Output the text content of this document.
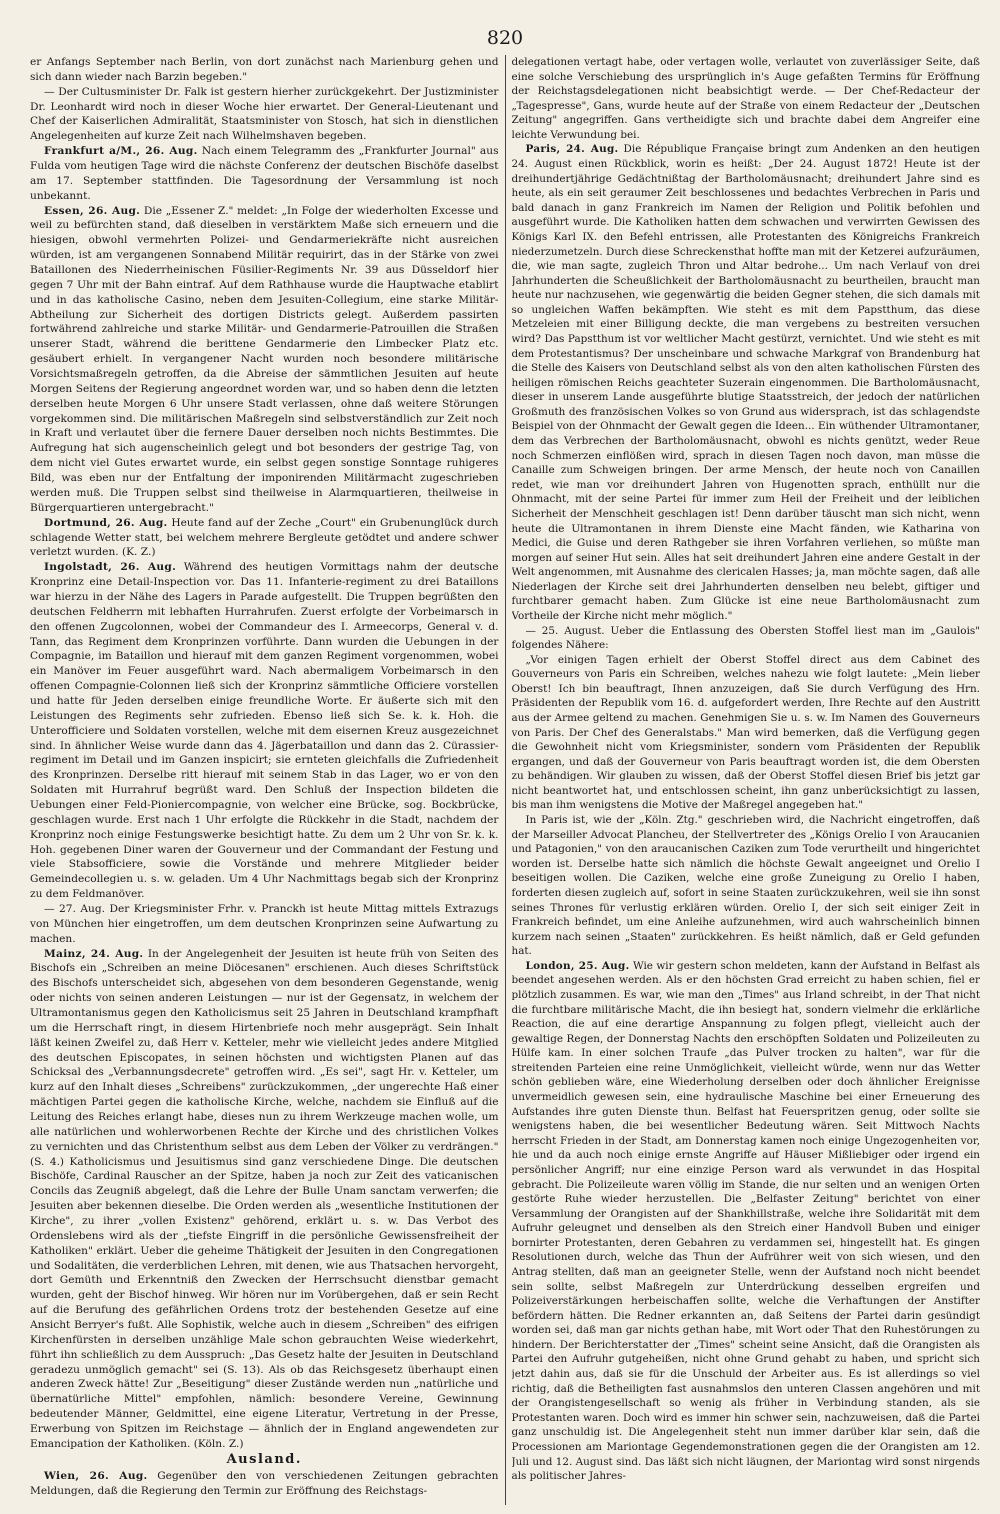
820

er Anfangs September nach Berlin, von dort zunächst nach Marienburg gehen und sich dann wieder nach Barzin begeben."

— Der Cultusminister Dr. Falk ist gestern hierher zurückgekehrt. Der Justizminister Dr. Leonhardt wird noch in dieser Woche hier erwartet. Der General-Lieutenant und Chef der Kaiserlichen Admiralität, Staatsminister von Stosch, hat sich in dienstlichen Angelegenheiten auf kurze Zeit nach Wilhelmshaven begeben.

Frankfurt a/M., 26. Aug. Nach einem Telegramm des „Frankfurter Journal" aus Fulda vom heutigen Tage wird die nächste Conferenz der deutschen Bischöfe daselbst am 17. September stattfinden. Die Tagesordnung der Versammlung ist noch unbekannt.

Essen, 26. Aug. Die „Essener Z." meldet: „In Folge der wiederholten Excesse und weil zu befürchten stand, daß dieselben in verstärktem Maße sich erneuern und die hiesigen, obwohl vermehrten Polizei- und Gendarmeriekräfte nicht ausreichen würden, ist am vergangenen Sonnabend Militär requirirt, das in der Stärke von zwei Bataillonen des Niederrheinischen Füsilier-Regiments Nr. 39 aus Düsseldorf hier gegen 7 Uhr mit der Bahn eintraf. Auf dem Rathhause wurde die Hauptwache etablirt und in das katholische Casino, neben dem Jesuiten-Collegium, eine starke Militär-Abtheilung zur Sicherheit des dortigen Districts gelegt. Außerdem passirten fortwährend zahlreiche und starke Militär- und Gendarmerie-Patrouillen die Straßen unserer Stadt, während die berittene Gendarmerie den Limbecker Platz etc. gesäubert erhielt. In vergangener Nacht wurden noch besondere militärische Vorsichtsmaßregeln getroffen, da die Abreise der sämmtlichen Jesuiten auf heute Morgen Seitens der Regierung angeordnet worden war, und so haben denn die letzten derselben heute Morgen 6 Uhr unsere Stadt verlassen, ohne daß weitere Störungen vorgekommen sind. Die militärischen Maßregeln sind selbstverständlich zur Zeit noch in Kraft und verlautet über die fernere Dauer derselben noch nichts Bestimmtes. Die Aufregung hat sich augenscheinlich gelegt und bot besonders der gestrige Tag, von dem nicht viel Gutes erwartet wurde, ein selbst gegen sonstige Sonntage ruhigeres Bild, was eben nur der Entfaltung der imponirenden Militärmacht zugeschrieben werden muß. Die Truppen selbst sind theilweise in Alarmquartieren, theilweise in Bürgerquartieren untergebracht."

Dortmund, 26. Aug. Heute fand auf der Zeche „Court" ein Grubenunglück durch schlagende Wetter statt, bei welchem mehrere Bergleute getödtet und andere schwer verletzt wurden. (K. Z.)

Ingolstadt, 26. Aug. Während des heutigen Vormittags nahm der deutsche Kronprinz eine Detail-Inspection vor. Das 11. Infanterie-regiment zu drei Bataillons war hierzu in der Nähe des Lagers in Parade aufgestellt. Die Truppen begrüßten den deutschen Feldherrn mit lebhaften Hurrahrufen. Zuerst erfolgte der Vorbeimarsch in den offenen Zugcolonnen, wobei der Commandeur des I. Armeecorps, General v. d. Tann, das Regiment dem Kronprinzen vorführte. Dann wurden die Uebungen in der Compagnie, im Bataillon und hierauf mit dem ganzen Regiment vorgenommen, wobei ein Manöver im Feuer ausgeführt ward. Nach abermaligem Vorbeimarsch in den offenen Compagnie-Colonnen ließ sich der Kronprinz sämmtliche Officiere vorstellen und hatte für Jeden derselben einige freundliche Worte. Er äußerte sich mit den Leistungen des Regiments sehr zufrieden. Ebenso ließ sich Se. k. k. Hoh. die Unterofficiere und Soldaten vorstellen, welche mit dem eisernen Kreuz ausgezeichnet sind. In ähnlicher Weise wurde dann das 4. Jägerbataillon und dann das 2. Cürassier-regiment im Detail und im Ganzen inspicirt; sie ernteten gleichfalls die Zufriedenheit des Kronprinzen. Derselbe ritt hierauf mit seinem Stab in das Lager, wo er von den Soldaten mit Hurrahruf begrüßt ward. Den Schluß der Inspection bildeten die Uebungen einer Feld-Pioniercompagnie, von welcher eine Brücke, sog. Bockbrücke, geschlagen wurde. Erst nach 1 Uhr erfolgte die Rückkehr in die Stadt, nachdem der Kronprinz noch einige Festungswerke besichtigt hatte. Zu dem um 2 Uhr von Sr. k. k. Hoh. gegebenen Diner waren der Gouverneur und der Commandant der Festung und viele Stabsofficiere, sowie die Vorstände und mehrere Mitglieder beider Gemeindecollegien u. s. w. geladen. Um 4 Uhr Nachmittags begab sich der Kronprinz zu dem Feldmanöver.

— 27. Aug. Der Kriegsminister Frhr. v. Pranckh ist heute Mittag mittels Extrazugs von München hier eingetroffen, um dem deutschen Kronprinzen seine Aufwartung zu machen.

Mainz, 24. Aug. In der Angelegenheit der Jesuiten ist heute früh von Seiten des Bischofs ein „Schreiben an meine Diöcesanen" erschienen. Auch dieses Schriftstück des Bischofs unterscheidet sich, abgesehen von dem besonderen Gegenstande, wenig oder nichts von seinen anderen Leistungen — nur ist der Gegensatz, in welchem der Ultramontanismus gegen den Katholicismus seit 25 Jahren in Deutschland krampfhaft um die Herrschaft ringt, in diesem Hirtenbriefe noch mehr ausgeprägt. Sein Inhalt läßt keinen Zweifel zu, daß Herr v. Ketteler, mehr wie vielleicht jedes andere Mitglied des deutschen Episcopates, in seinen höchsten und wichtigsten Planen auf das Schicksal des „Verbannungsdecrete" getroffen wird. „Es sei", sagt Hr. v. Ketteler, um kurz auf den Inhalt dieses „Schreibens" zurückzukommen, „der ungerechte Haß einer mächtigen Partei gegen die katholische Kirche, welche, nachdem sie Einfluß auf die Leitung des Reiches erlangt habe, dieses nun zu ihrem Werkzeuge machen wolle, um alle natürlichen und wohlerworbenen Rechte der Kirche und des christlichen Volkes zu vernichten und das Christenthum selbst aus dem Leben der Völker zu verdrängen." (S. 4.) Katholicismus und Jesuitismus sind ganz verschiedene Dinge. Die deutschen Bischöfe, Cardinal Rauscher an der Spitze, haben ja noch zur Zeit des vaticanischen Concils das Zeugniß abgelegt, daß die Lehre der Bulle Unam sanctam verwerfen; die Jesuiten aber bekennen dieselbe. Die Orden werden als „wesentliche Institutionen der Kirche", zu ihrer „vollen Existenz" gehörend, erklärt u. s. w. Das Verbot des Ordenslebens wird als der „tiefste Eingriff in die persönliche Gewissensfreiheit der Katholiken" erklärt. Ueber die geheime Thätigkeit der Jesuiten in den Congregationen und Sodalitäten, die verderblichen Lehren, mit denen, wie aus Thatsachen hervorgeht, dort Gemüth und Erkenntniß den Zwecken der Herrschsucht dienstbar gemacht wurden, geht der Bischof hinweg. Wir hören nur im Vorübergehen, daß er sein Recht auf die Berufung des gefährlichen Ordens trotz der bestehenden Gesetze auf eine Ansicht Berryer's fußt. Alle Sophistik, welche auch in diesem „Schreiben" des eifrigen Kirchenfürsten in derselben unzählige Male schon gebrauchten Weise wiederkehrt, führt ihn schließlich zu dem Ausspruch: „Das Gesetz halte der Jesuiten in Deutschland geradezu unmöglich gemacht" sei (S. 13). Als ob das Reichsgesetz überhaupt einen anderen Zweck hätte! Zur „Beseitigung" dieser Zustände werden nun „natürliche und übernatürliche Mittel" empfohlen, nämlich: besondere Vereine, Gewinnung bedeutender Männer, Geldmittel, eine eigene Literatur, Vertretung in der Presse, Erwerbung von Spitzen im Reichstage — ähnlich der in England angewendeten zur Emancipation der Katholiken. (Köln. Z.)

Ausland.

Wien, 26. Aug. Gegenüber den von verschiedenen Zeitungen gebrachten Meldungen, daß die Regierung den Termin zur Eröffnung des Reichstags-

delegationen vertagt habe, oder vertagen wolle, verlautet von zuverlässiger Seite, daß eine solche Verschiebung des ursprünglich in's Auge gefaßten Termins für Eröffnung der Reichstagsdelegationen nicht beabsichtigt werde. — Der Chef-Redacteur der „Tagespresse", Gans, wurde heute auf der Straße von einem Redacteur der „Deutschen Zeitung" angegriffen. Gans vertheidigte sich und brachte dabei dem Angreifer eine leichte Verwundung bei.

Paris, 24. Aug. Die République Française bringt zum Andenken an den heutigen 24. August einen Rückblick, worin es heißt: „Der 24. August 1872! Heute ist der dreihundertjährige Gedächtnißtag der Bartholomäusnacht; dreihundert Jahre sind es heute, als ein seit geraumer Zeit beschlossenes und bedachtes Verbrechen in Paris und bald danach in ganz Frankreich im Namen der Religion und Politik befohlen und ausgeführt wurde. Die Katholiken hatten dem schwachen und verwirrten Gewissen des Königs Karl IX. den Befehl entrissen, alle Protestanten des Königreichs Frankreich niederzumetzeln. Durch diese Schreckensthat hoffte man mit der Ketzerei aufzuräumen, die, wie man sagte, zugleich Thron und Altar bedrohe... Um nach Verlauf von drei Jahrhunderten die Scheußlichkeit der Bartholomäusnacht zu beurtheilen, braucht man heute nur nachzusehen, wie gegenwärtig die beiden Gegner stehen, die sich damals mit so ungleichen Waffen bekämpften. Wie steht es mit dem Papstthum, das diese Metzeleien mit einer Billigung deckte, die man vergebens zu bestreiten versuchen wird? Das Papstthum ist vor weltlicher Macht gestürzt, vernichtet. Und wie steht es mit dem Protestantismus? Der unscheinbare und schwache Markgraf von Brandenburg hat die Stelle des Kaisers von Deutschland selbst als von den alten katholischen Fürsten des heiligen römischen Reichs geachteter Suzerain eingenommen. Die Bartholomäusnacht, dieser in unserem Lande ausgeführte blutige Staatsstreich, der jedoch der natürlichen Großmuth des französischen Volkes so von Grund aus widersprach, ist das schlagendste Beispiel von der Ohnmacht der Gewalt gegen die Ideen... Ein wüthender Ultramontaner, dem das Verbrechen der Bartholomäusnacht, obwohl es nichts genützt, weder Reue noch Schmerzen einflößen wird, sprach in diesen Tagen noch davon, man müsse die Canaille zum Schweigen bringen. Der arme Mensch, der heute noch von Canaillen redet, wie man vor dreihundert Jahren von Hugenotten sprach, enthüllt nur die Ohnmacht, mit der seine Partei für immer zum Heil der Freiheit und der leiblichen Sicherheit der Menschheit geschlagen ist! Denn darüber täuscht man sich nicht, wenn heute die Ultramontanen in ihrem Dienste eine Macht fänden, wie Katharina von Medici, die Guise und deren Rathgeber sie ihren Vorfahren verliehen, so müßte man morgen auf seiner Hut sein. Alles hat seit dreihundert Jahren eine andere Gestalt in der Welt angenommen, mit Ausnahme des clericalen Hasses; ja, man möchte sagen, daß alle Niederlagen der Kirche seit drei Jahrhunderten denselben neu belebt, giftiger und furchtbarer gemacht haben. Zum Glücke ist eine neue Bartholomäusnacht zum Vortheile der Kirche nicht mehr möglich."

— 25. August. Ueber die Entlassung des Obersten Stoffel liest man im „Gaulois" folgendes Nähere:

„Vor einigen Tagen erhielt der Oberst Stoffel direct aus dem Cabinet des Gouverneurs von Paris ein Schreiben, welches nahezu wie folgt lautete: „Mein lieber Oberst! Ich bin beauftragt, Ihnen anzuzeigen, daß Sie durch Verfügung des Hrn. Präsidenten der Republik vom 16. d. aufgefordert werden, Ihre Rechte auf den Austritt aus der Armee geltend zu machen. Genehmigen Sie u. s. w. Im Namen des Gouverneurs von Paris. Der Chef des Generalstabs." Man wird bemerken, daß die Verfügung gegen die Gewohnheit nicht vom Kriegsminister, sondern vom Präsidenten der Republik ergangen, und daß der Gouverneur von Paris beauftragt worden ist, die dem Obersten zu behändigen. Wir glauben zu wissen, daß der Oberst Stoffel diesen Brief bis jetzt gar nicht beantwortet hat, und entschlossen scheint, ihn ganz unberücksichtigt zu lassen, bis man ihm wenigstens die Motive der Maßregel angegeben hat."

In Paris ist, wie der „Köln. Ztg." geschrieben wird, die Nachricht eingetroffen, daß der Marseiller Advocat Plancheu, der Stellvertreter des „Königs Orelio I von Araucanien und Patagonien," von den araucanischen Caziken zum Tode verurtheilt und hingerichtet worden ist. Derselbe hatte sich nämlich die höchste Gewalt angeeignet und Orelio I beseitigen wollen. Die Caziken, welche eine große Zuneigung zu Orelio I haben, forderten diesen zugleich auf, sofort in seine Staaten zurückzukehren, weil sie ihn sonst seines Thrones für verlustig erklären würden. Orelio I, der sich seit einiger Zeit in Frankreich befindet, um eine Anleihe aufzunehmen, wird auch wahrscheinlich binnen kurzem nach seinen „Staaten" zurückkehren. Es heißt nämlich, daß er Geld gefunden hat.

London, 25. Aug. Wie wir gestern schon meldeten, kann der Aufstand in Belfast als beendet angesehen werden. Als er den höchsten Grad erreicht zu haben schien, fiel er plötzlich zusammen. Es war, wie man den „Times" aus Irland schreibt, in der That nicht die furchtbare militärische Macht, die ihn besiegt hat, sondern vielmehr die erklärliche Reaction, die auf eine derartige Anspannung zu folgen pflegt, vielleicht auch der gewaltige Regen, der Donnerstag Nachts den erschöpften Soldaten und Polizeileuten zu Hülfe kam. In einer solchen Traufe „das Pulver trocken zu halten", war für die streitenden Parteien eine reine Unmöglichkeit, vielleicht würde, wenn nur das Wetter schön geblieben wäre, eine Wiederholung derselben oder doch ähnlicher Ereignisse unvermeidlich gewesen sein, eine hydraulische Maschine bei einer Erneuerung des Aufstandes ihre guten Dienste thun. Belfast hat Feuerspritzen genug, oder sollte sie wenigstens haben, die bei wesentlicher Bedeutung wären. Seit Mittwoch Nachts herrscht Frieden in der Stadt, am Donnerstag kamen noch einige Ungezogenheiten vor, hie und da auch noch einige ernste Angriffe auf Häuser Mißliebiger oder irgend ein persönlicher Angriff; nur eine einzige Person ward als verwundet in das Hospital gebracht. Die Polizeileute waren völlig im Stande, die nur selten und an wenigen Orten gestörte Ruhe wieder herzustellen. Die „Belfaster Zeitung" berichtet von einer Versammlung der Orangisten auf der Shankhillstraße, welche ihre Solidarität mit dem Aufruhr geleugnet und denselben als den Streich einer Handvoll Buben und einiger bornirter Protestanten, deren Gebahren zu verdammen sei, hingestellt hat. Es gingen Resolutionen durch, welche das Thun der Aufrührer weit von sich wiesen, und den Antrag stellten, daß man an geeigneter Stelle, wenn der Aufstand noch nicht beendet sein sollte, selbst Maßregeln zur Unterdrückung desselben ergreifen und Polizeiverstärkungen herbeischaffen sollte, welche die Verhaftungen der Anstifter befördern hätten. Die Redner erkannten an, daß Seitens der Partei darin gesündigt worden sei, daß man gar nichts gethan habe, mit Wort oder That den Ruhestörungen zu hindern. Der Berichterstatter der „Times" scheint seine Ansicht, daß die Orangisten als Partei den Aufruhr gutgeheißen, nicht ohne Grund gehabt zu haben, und spricht sich jetzt dahin aus, daß sie für die Unschuld der Arbeiter aus. Es ist allerdings so viel richtig, daß die Betheiligten fast ausnahmslos den unteren Classen angehören und mit der Orangistengesellschaft so wenig als früher in Verbindung standen, als sie Protestanten waren. Doch wird es immer hin schwer sein, nachzuweisen, daß die Partei ganz unschuldig ist. Die Angelegenheit steht nun immer darüber klar sein, daß die Processionen am Mariontage Gegendemonstrationen gegen die der Orangisten am 12. Juli und 12. August sind. Das läßt sich nicht läugnen, der Mariontag wird sonst nirgends als politischer Jahres-
